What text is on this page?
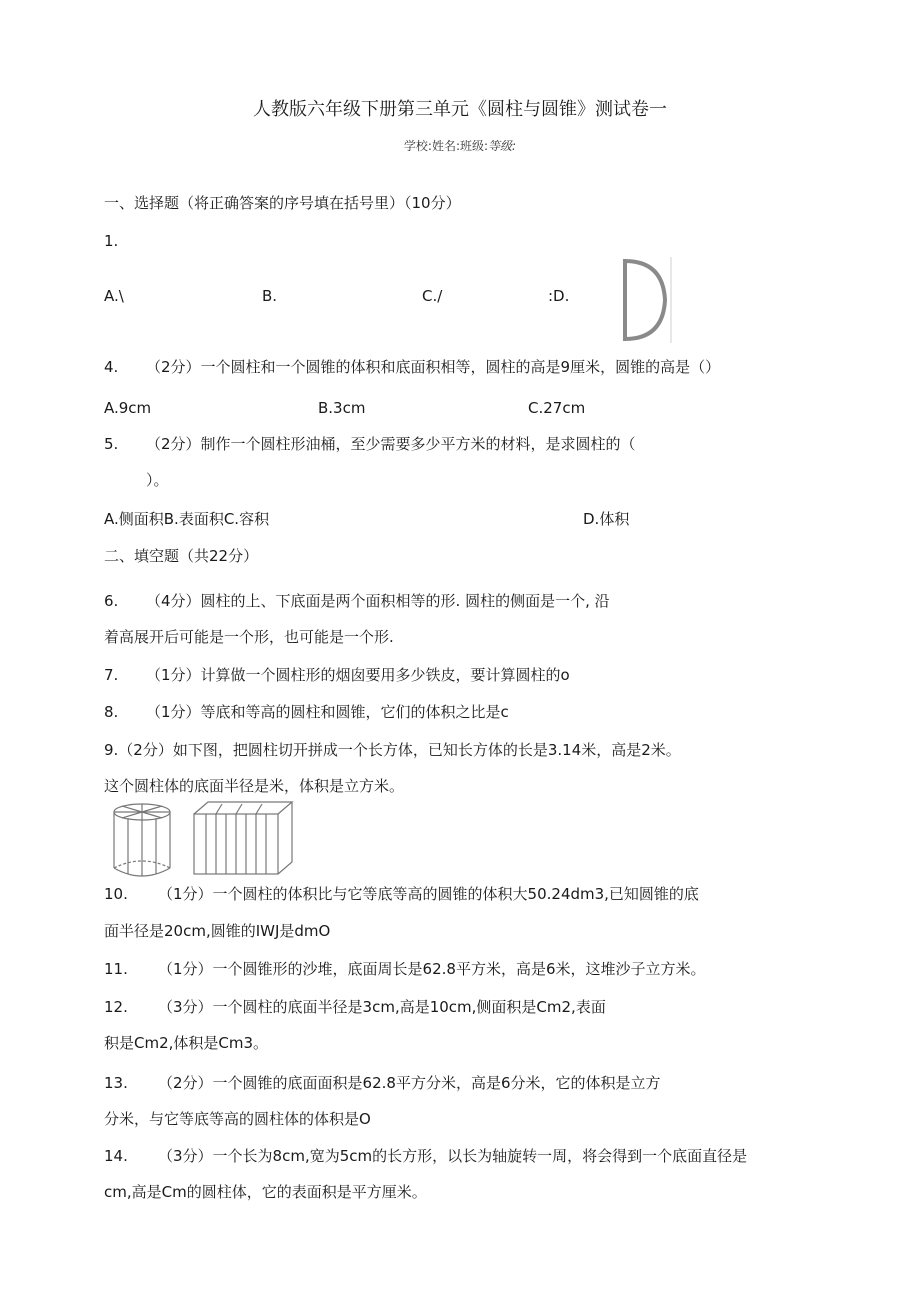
人教版六年级下册第三单元《圆柱与圆锥》测试卷一
学校:姓名:班级:等级:
一、选择题（将正确答案的序号填在括号里）（10分）
1.
A.\	B.	C./	:D.
4. （2分）一个圆柱和一个圆锥的体积和底面积相等，圆柱的高是9厘米，圆锥的高是（）
A.9cm	B.3cm	C.27cm
5. （2分）制作一个圆柱形油桶，至少需要多少平方米的材料，是求圆柱的（
）。
A.侧面积B.表面积C.容积	D.体积
二、填空题（共22分）
6. （4分）圆柱的上、下底面是两个面积相等的形. 圆柱的侧面是一个, 沿
着高展开后可能是一个形，也可能是一个形.
7. （1分）计算做一个圆柱形的烟囱要用多少铁皮，要计算圆柱的o
8. （1分）等底和等高的圆柱和圆锥，它们的体积之比是c
9.（2分）如下图，把圆柱切开拼成一个长方体，已知长方体的长是3.14米，高是2米。
这个圆柱体的底面半径是米，体积是立方米。
10. （1分）一个圆柱的体积比与它等底等高的圆锥的体积大50.24dm3,已知圆锥的底
面半径是20cm,圆锥的IWJ是dmO
11. （1分）一个圆锥形的沙堆，底面周长是62.8平方米，高是6米，这堆沙子立方米。
12. （3分）一个圆柱的底面半径是3cm,高是10cm,侧面积是Cm2,表面
积是Cm2,体积是Cm3。
13. （2分）一个圆锥的底面面积是62.8平方分米，高是6分米，它的体积是立方
分米，与它等底等高的圆柱体的体积是O
14. （3分）一个长为8cm,宽为5cm的长方形，以长为轴旋转一周，将会得到一个底面直径是
cm,高是Cm的圆柱体，它的表面积是平方厘米。
